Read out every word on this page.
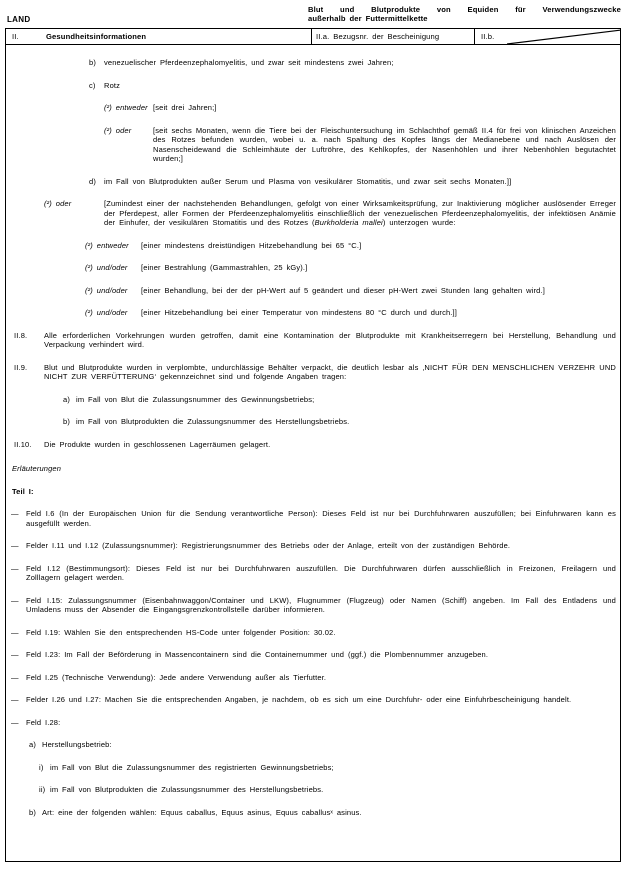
LAND
Blut und Blutprodukte von Equiden für Verwendungszwecke
außerhalb der Futtermittelkette
II.	Gesundheitsinformationen	II.a. Bezugsnr. der Bescheinigung	II.b.
b)	venezuelischer Pferdeenzephalomyelitis, und zwar seit mindestens zwei Jahren;
c)	Rotz
(²) entweder [seit drei Jahren;]
(²) oder	[seit sechs Monaten, wenn die Tiere bei der Fleischuntersuchung im Schlachthof gemäß II.4 für frei von klinischen Anzeichen des Rotzes befunden wurden, wobei u. a. nach Spaltung des Kopfes längs der Medianebene und nach Auslösen der Nasenscheidewand die Schleimhäute der Luftröhre, des Kehlkopfes, der Nasenhöhlen und ihrer Nebenhöhlen begutachtet wurden;]
d)	im Fall von Blutprodukten außer Serum und Plasma von vesikulärer Stomatitis, und zwar seit sechs Monaten.]]
(²) oder	[Zumindest einer der nachstehenden Behandlungen, gefolgt von einer Wirksamkeitsprüfung, zur Inaktivierung möglicher auslösender Erreger der Pferdepest, aller Formen der Pferdeenzephalomyelitis einschließlich der venezuelischen Pferdeenzephalomyelitis, der infektiösen Anämie der Einhufer, der vesikulären Stomatitis und des Rotzes (Burkholderia mallei) unterzogen wurde:
(²) entweder	[einer mindestens dreistündigen Hitzebehandlung bei 65 °C.]
(²) und/oder	[einer Bestrahlung (Gammastrahlen, 25 kGy).]
(²) und/oder	[einer Behandlung, bei der der pH-Wert auf 5 geändert und dieser pH-Wert zwei Stunden lang gehalten wird.]
(²) und/oder	[einer Hitzebehandlung bei einer Temperatur von mindestens 80 °C durch und durch.]]
II.8.	Alle erforderlichen Vorkehrungen wurden getroffen, damit eine Kontamination der Blutprodukte mit Krankheitserregern bei Herstellung, Behandlung und Verpackung verhindert wird.
II.9.	Blut und Blutprodukte wurden in verplombte, undurchlässige Behälter verpackt, die deutlich lesbar als ‚NICHT FÜR DEN MENSCHLICHEN VERZEHR UND NICHT ZUR VERFÜTTERUNG‘ gekennzeichnet sind und folgende Angaben tragen:
a) im Fall von Blut die Zulassungsnummer des Gewinnungsbetriebs;
b) im Fall von Blutprodukten die Zulassungsnummer des Herstellungsbetriebs.
II.10.	Die Produkte wurden in geschlossenen Lagerräumen gelagert.
Erläuterungen
Teil I:
— Feld I.6 (In der Europäischen Union für die Sendung verantwortliche Person): Dieses Feld ist nur bei Durchfuhrwaren auszufüllen; bei Einfuhrwaren kann es ausgefüllt werden.
— Felder I.11 und I.12 (Zulassungsnummer): Registrierungsnummer des Betriebs oder der Anlage, erteilt von der zuständigen Behörde.
— Feld I.12 (Bestimmungsort): Dieses Feld ist nur bei Durchfuhrwaren auszufüllen. Die Durchfuhrwaren dürfen ausschließlich in Freizonen, Freilagern und Zolllagern gelagert werden.
— Feld I.15: Zulassungsnummer (Eisenbahnwaggon/Container und LKW), Flugnummer (Flugzeug) oder Namen (Schiff) angeben. Im Fall des Entladens und Umladens muss der Absender die Eingangsgrenzkontrollstelle darüber informieren.
— Feld I.19: Wählen Sie den entsprechenden HS-Code unter folgender Position: 30.02.
— Feld I.23: Im Fall der Beförderung in Massencontainern sind die Containernummer und (ggf.) die Plombennummer anzugeben.
— Feld I.25 (Technische Verwendung): Jede andere Verwendung außer als Tierfutter.
— Felder I.26 und I.27: Machen Sie die entsprechenden Angaben, je nachdem, ob es sich um eine Durchfuhr- oder eine Einfuhrbescheinigung handelt.
— Feld I.28:
a) Herstellungsbetrieb:
i) im Fall von Blut die Zulassungsnummer des registrierten Gewinnungsbetriebs;
ii) im Fall von Blutprodukten die Zulassungsnummer des Herstellungsbetriebs.
b) Art: eine der folgenden wählen: Equus caballus, Equus asinus, Equus caballusˣ asinus.
